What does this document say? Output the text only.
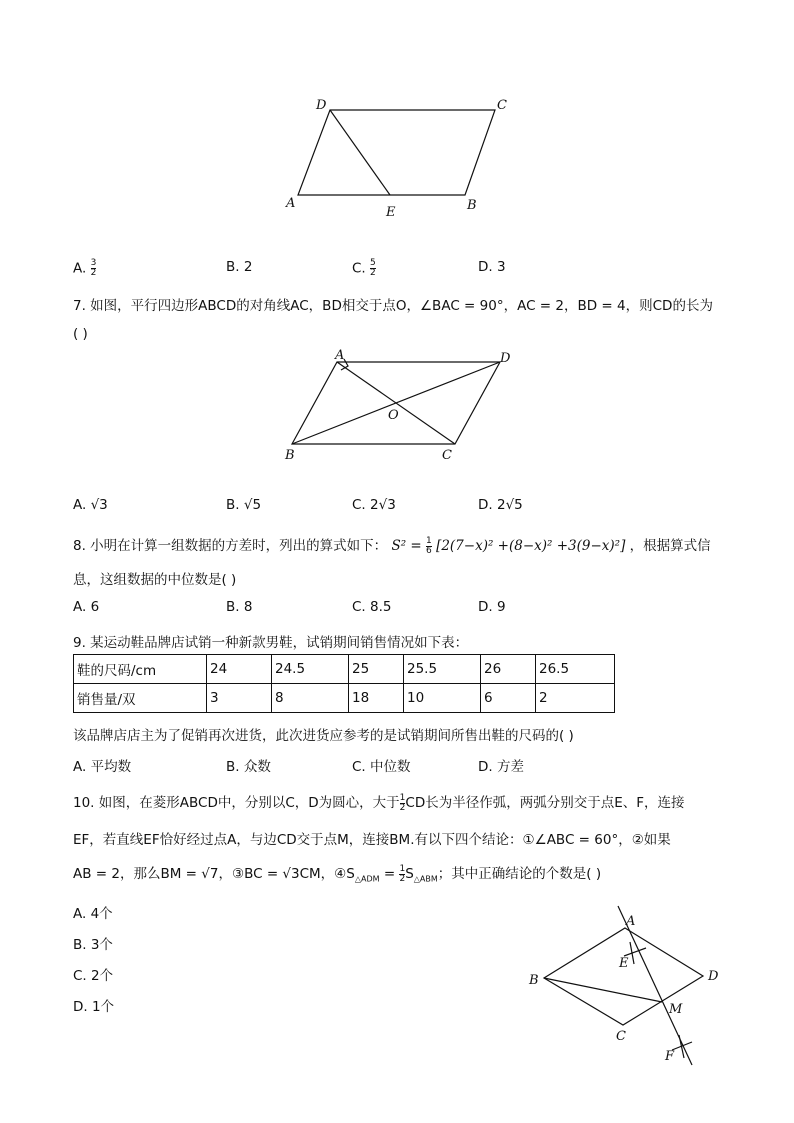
D	C
A
E	B
A. $\frac{3}{2}$	B. 2	C. $\frac{5}{2}$	D. 3
7. 如图，平行四边形ABCD的对角线AC，BD相交于点O，∠BAC = 90°，AC = 2，BD = 4，则CD的长为
( )
A	D
O
B	C
A. √3	B. √5	C. 2√3	D. 2√5
8. 小明在计算一组数据的方差时，列出的算式如下： $S^2 = \frac{1}{6} [2(7-x)^2 +(8-x)^2 +3(9-x)^2]$ ，根据算式信
息，这组数据的中位数是( )
A. 6	B. 8	C. 8.5	D. 9
9. 某运动鞋品牌店试销一种新款男鞋，试销期间销售情况如下表：
鞋的尺码/cm	24	24.5	25	25.5	26	26.5
销售量/双	3	8	18	10	6	2
该品牌店店主为了促销再次进货，此次进货应参考的是试销期间所售出鞋的尺码的( )
A. 平均数	B. 众数	C. 中位数	D. 方差
10. 如图，在菱形ABCD中，分别以C，D为圆心，大于 $\frac{1}{2}$ CD长为半径作弧，两弧分别交于点E、F，连接
EF，若直线EF恰好经过点A，与边CD交于点M，连接BM.有以下四个结论：①∠ABC = 60°，②如果
AB = 2，那么BM = √7，③BC = √3CM，$④S_{\triangle ADM} = \frac{1}{2} S_{\triangle ABM}$；其中正确结论的个数是( )
A. 4个
B. 3个
C. 2个
D. 1个
A
E
B	D
M
C
F
